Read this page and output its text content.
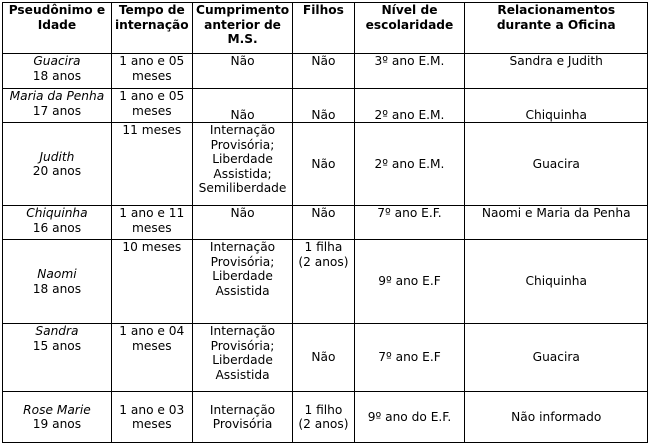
Pseudônimo e
Idade	Tempo de
internação	Cumprimento
anterior de
M.S.	Filhos	Nível de
escolaridade	Relacionamentos
durante a Oficina

Guacira
18 anos	1 ano e 05
meses	Não	Não	3º ano E.M.	Sandra e Judith

Maria da Penha
17 anos	1 ano e 05
meses	Não	Não	2º ano E.M.	Chiquinha

Judith
20 anos	11 meses	Internação
Provisória;
Liberdade
Assistida;
Semiliberdade	Não	2º ano E.M.	Guacira

Chiquinha
16 anos	1 ano e 11
meses	Não	Não	7º ano E.F.	Naomi e Maria da Penha

Naomi
18 anos	10 meses	Internação
Provisória;
Liberdade
Assistida	1 filha
(2 anos)	9º ano E.F	Chiquinha

Sandra
15 anos	1 ano e 04
meses	Internação
Provisória;
Liberdade
Assistida	Não	7º ano E.F	Guacira

Rose Marie
19 anos	1 ano e 03
meses	Internação
Provisória	1 filho
(2 anos)	9º ano do E.F.	Não informado
